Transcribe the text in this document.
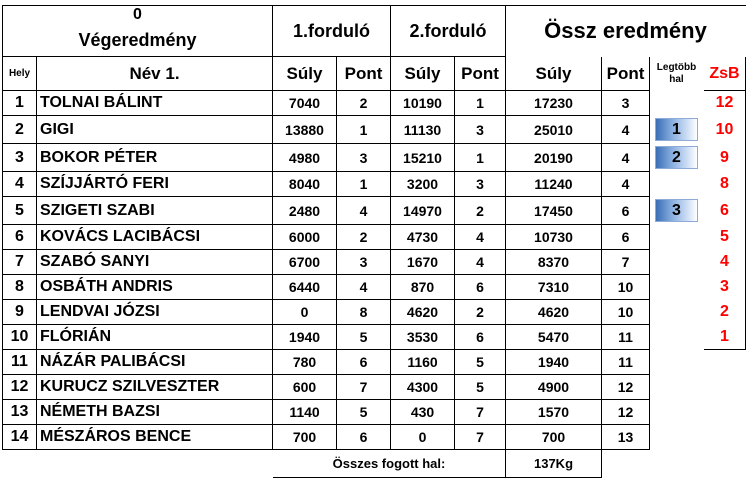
0		1.forduló		2.forduló		Össz eredmény			
Végeredmény									
Hely	Név 1.	Súly	Pont	Súly	Pont	Súly	Pont	Legtöbb hal	ZsB
1	TOLNAI BÁLINT	7040	2	10190	1	17230	3		12
2	GIGI	13880	1	11130	3	25010	4	1	10
3	BOKOR PÉTER	4980	3	15210	1	20190	4	2	9
4	SZÍJJÁRTÓ FERI	8040	1	3200	3	11240	4		8
5	SZIGETI SZABI	2480	4	14970	2	17450	6	3	6
6	KOVÁCS LACIBÁCSI	6000	2	4730	4	10730	6		5
7	SZABÓ SANYI	6700	3	1670	4	8370	7		4
8	OSBÁTH ANDRIS	6440	4	870	6	7310	10		3
9	LENDVAI JÓZSI	0	8	4620	2	4620	10		2
10	FLÓRIÁN	1940	5	3530	6	5470	11		1
11	NÁZÁR PALIBÁCSI	780	6	1160	5	1940	11		
12	KURUCZ SZILVESZTER	600	7	4300	5	4900	12		
13	NÉMETH BAZSI	1140	5	430	7	1570	12		
14	MÉSZÁROS BENCE	700	6	0	7	700	13		
		Összes fogott hal:				137Kg			
